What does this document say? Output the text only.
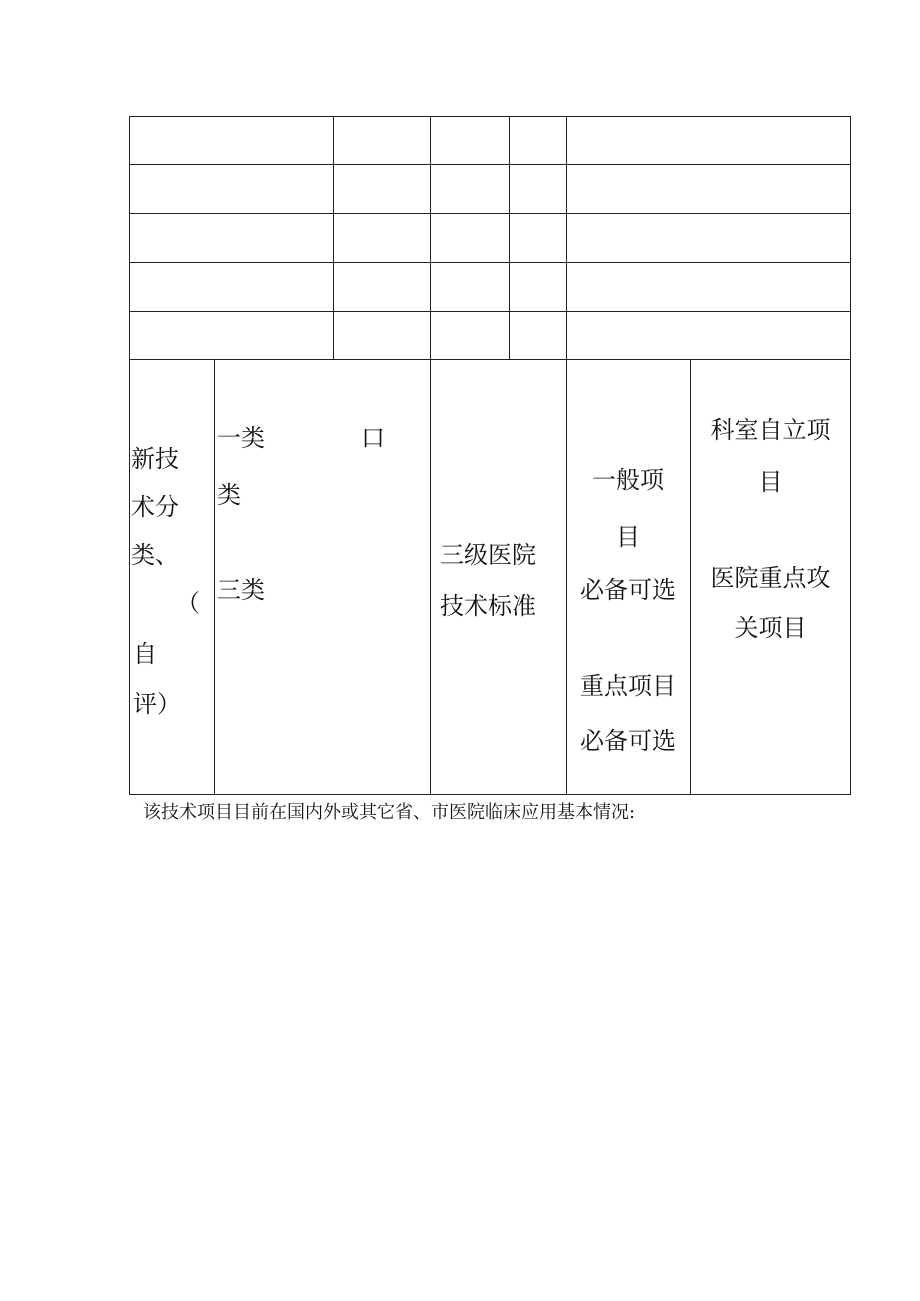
新技
术分
类、
（
自
评）
一类	口
类
三类
三级医院
技术标准
一般项
目
必备可选
重点项目
必备可选
科室自立项
目
医院重点攻
关项目
该技术项目目前在国内外或其它省、市医院临床应用基本情况:
